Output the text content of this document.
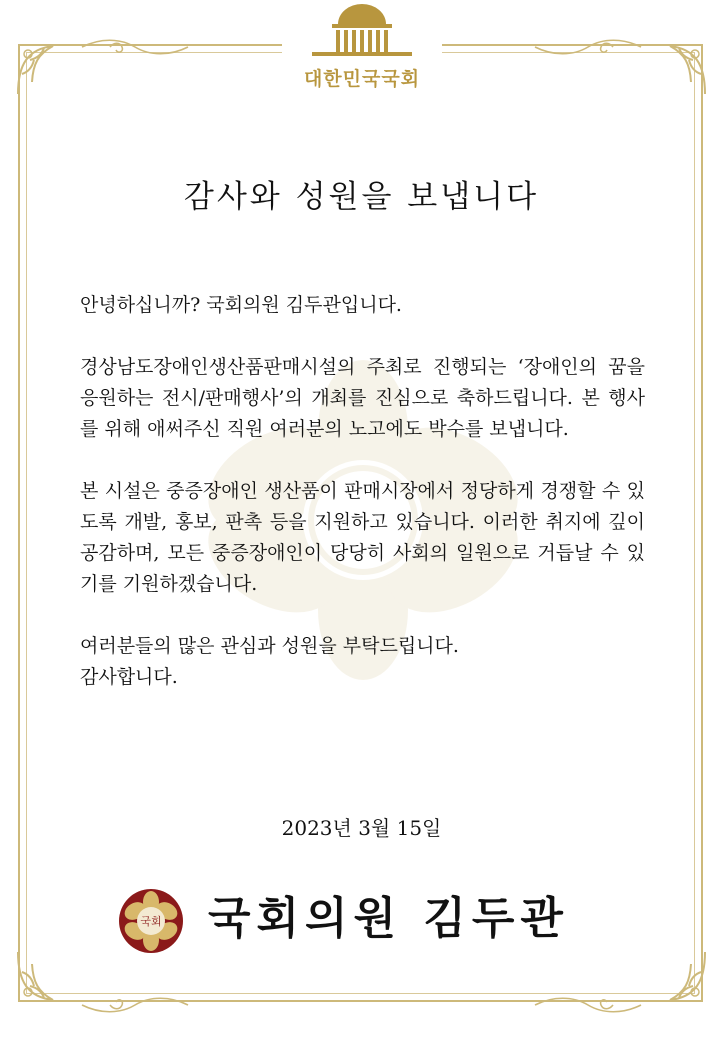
대한민국국회
감사와 성원을 보냅니다

안녕하십니까? 국회의원 김두관입니다.

경상남도장애인생산품판매시설의 주최로 진행되는 ‘장애인의 꿈을 응원하는 전시/판매행사’의 개최를 진심으로 축하드립니다. 본 행사를 위해 애써주신 직원 여러분의 노고에도 박수를 보냅니다.

본 시설은 중증장애인 생산품이 판매시장에서 정당하게 경쟁할 수 있도록 개발, 홍보, 판촉 등을 지원하고 있습니다. 이러한 취지에 깊이 공감하며, 모든 중증장애인이 당당히 사회의 일원으로 거듭날 수 있기를 기원하겠습니다.

여러분들의 많은 관심과 성원을 부탁드립니다.

감사합니다.

2023년 3월 15일
국회 국회의원 김두관
